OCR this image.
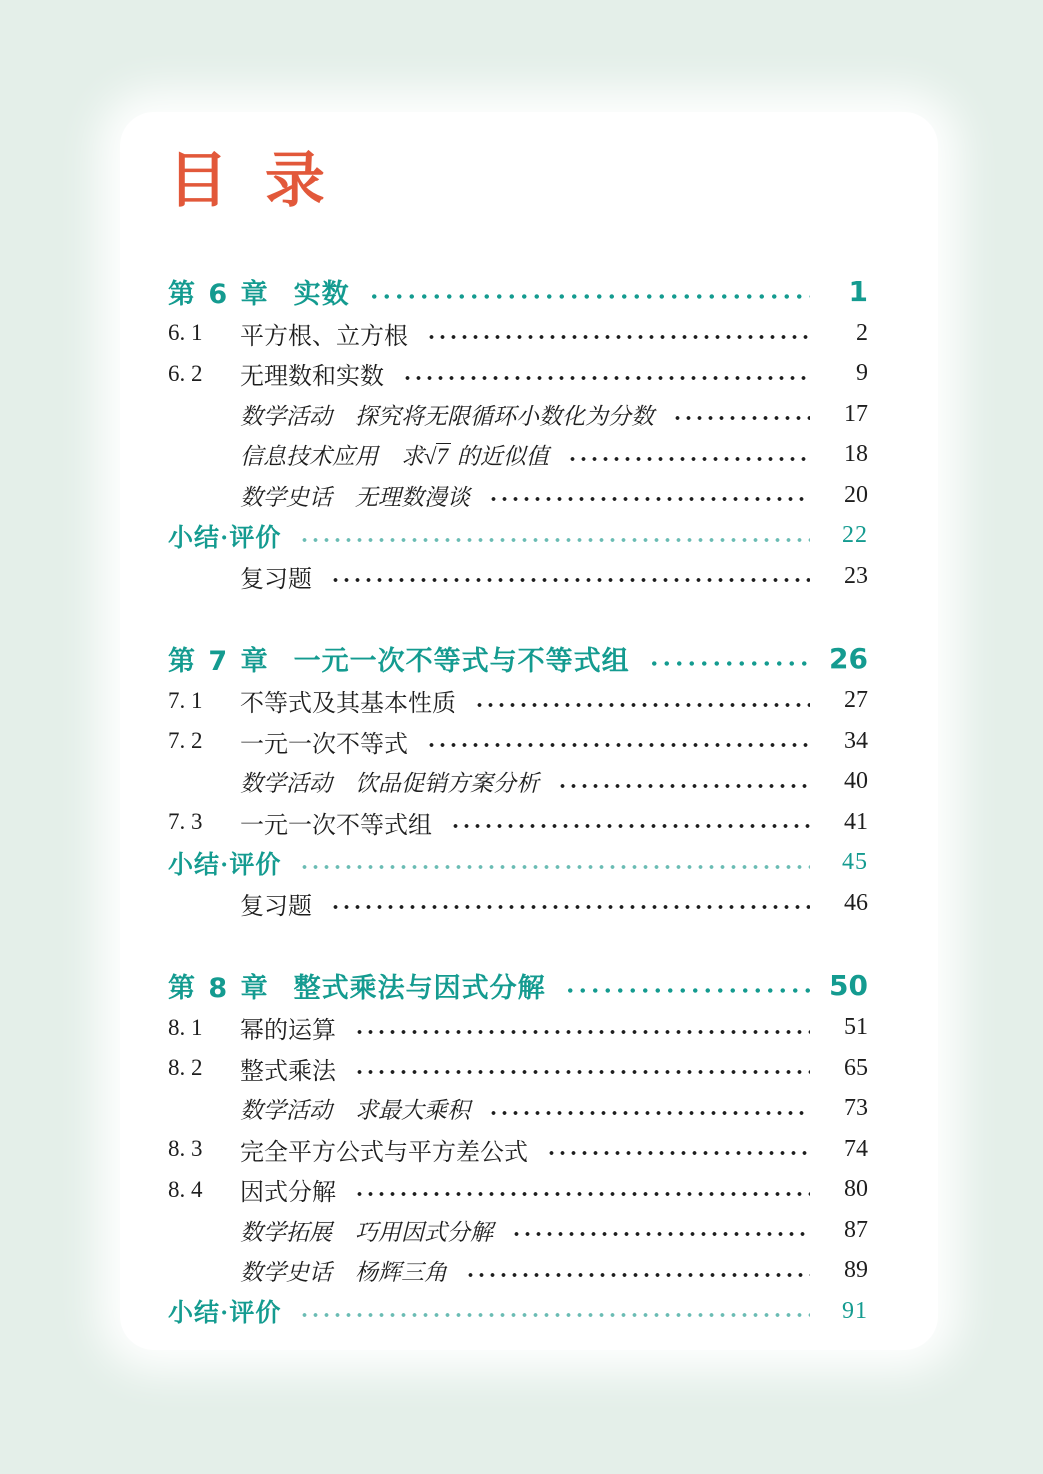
目 录
第 6 章 实数	1
6. 1	平方根、立方根	2
6. 2	无理数和实数	9
数学活动　探究将无限循环小数化为分数	17
信息技术应用　求√7 的近似值	18
数学史话　无理数漫谈	20
小结·评价	22
复习题	23
第 7 章 一元一次不等式与不等式组	26
7. 1	不等式及其基本性质	27
7. 2	一元一次不等式	34
数学活动　饮品促销方案分析	40
7. 3	一元一次不等式组	41
小结·评价	45
复习题	46
第 8 章 整式乘法与因式分解	50
8. 1	幂的运算	51
8. 2	整式乘法	65
数学活动　求最大乘积	73
8. 3	完全平方公式与平方差公式	74
8. 4	因式分解	80
数学拓展　巧用因式分解	87
数学史话　杨辉三角	89
小结·评价	91
